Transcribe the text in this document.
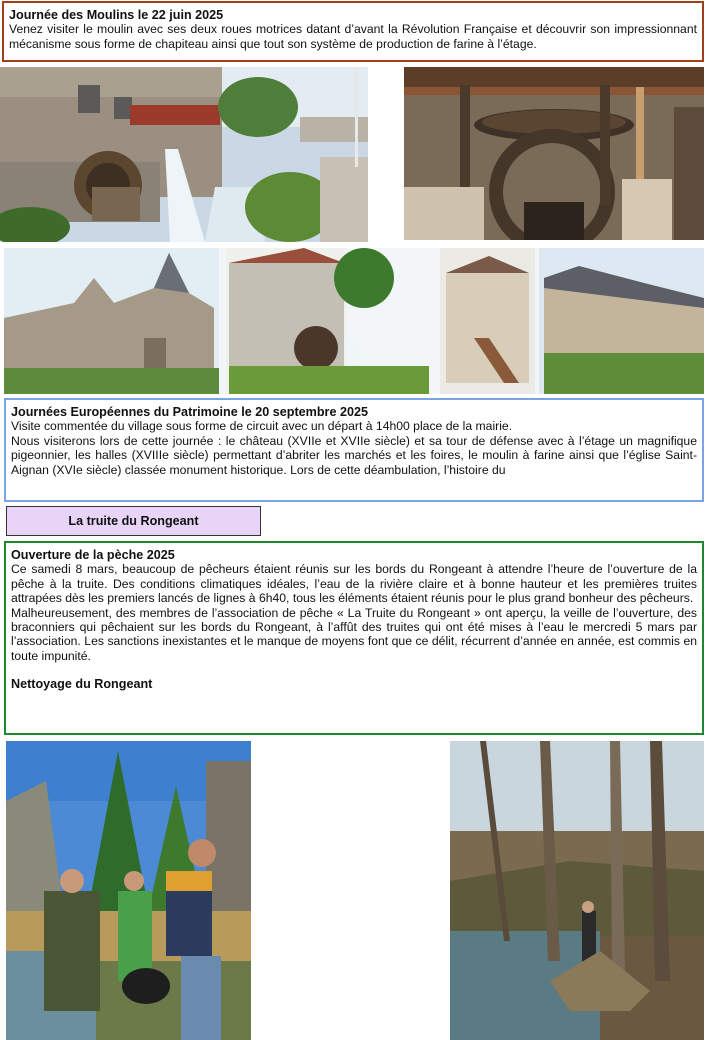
Journée des Moulins le 22 juin 2025

Venez visiter le moulin avec ses deux roues motrices datant d’avant la Révolution Française et découvrir son impressionnant mécanisme sous forme de chapiteau ainsi que tout son système de production de farine à l’étage.

Journées Européennes du Patrimoine le 20 septembre 2025

Visite commentée du village sous forme de circuit avec un départ à 14h00 place de la mairie.

Nous visiterons lors de cette journée : le château (XVIIe et XVIIe siècle) et sa tour de défense avec à l’étage un magnifique pigeonnier, les halles (XVIIIe siècle) permettant d’abriter les marchés et les foires, le moulin à farine ainsi que l’église Saint-Aignan (XVIe siècle) classée monument historique. Lors de cette déambulation, l’histoire du

La truite du Rongeant

Ouverture de la pèche 2025

Ce samedi 8 mars, beaucoup de pêcheurs étaient réunis sur les bords du Rongeant à attendre l’heure de l’ouverture de la pêche à la truite. Des conditions climatiques idéales, l’eau de la rivière claire et à bonne hauteur et les premières truites attrapées dès les premiers lancés de lignes à 6h40, tous les éléments étaient réunis pour le plus grand bonheur des pêcheurs.

Malheureusement, des membres de l’association de pêche « La Truite du Rongeant » ont aperçu, la veille de l’ouverture, des braconniers qui pêchaient sur les bords du Rongeant, à l’affût des truites qui ont été mises à l’eau le mercredi 5 mars par l’association. Les sanctions inexistantes et le manque de moyens font que ce délit, récurrent d’année en année, est commis en toute impunité.

Nettoyage du Rongeant
